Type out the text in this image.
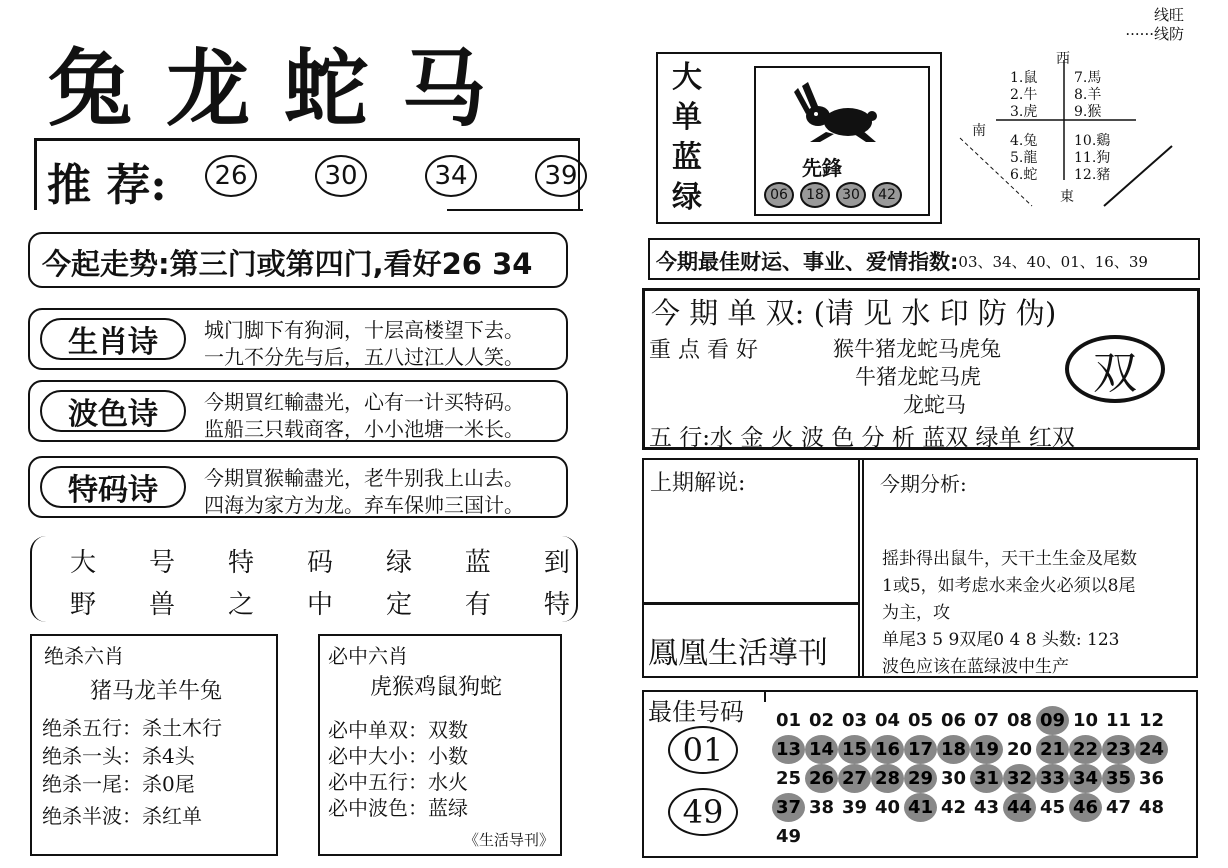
兔龙蛇马
推 荐:	26	30	34	39
今起走势:第三门或第四门,看好26 34
生肖诗	城门脚下有狗洞，十层高楼望下去。
一九不分先与后，五八过江人人笑。
波色诗	今期買红輸盡光，心有一计买特码。
监船三只载商客，小小池塘一米长。
特码诗	今期買猴輸盡光，老牛别我上山去。
四海为家方为龙。弃车保帅三国计。
大 号 特 码 绿 蓝 到
野 兽 之 中 定 有 特
绝杀六肖
猪马龙羊牛兔
绝杀五行：杀土木行
绝杀一头：杀4头
绝杀一尾：杀0尾
绝杀半波：杀红单
必中六肖
虎猴鸡鼠狗蛇
必中单双：双数
必中大小：小数
必中五行：水火
必中波色：蓝绿
《生活导刊》
线旺
······线防
大
单
蓝
绿
先鋒
06	18	30	42
西
南
東
1.鼠
2.牛
3.虎
4.兔
5.龍
6.蛇
7.馬
8.羊
9.猴
10.鷄
11.狗
12.豬
今期最佳财运、事业、爱情指数: 03、34、40、01、16、39
今 期 单 双: (请 见 水 印 防 伪)
重 点 看 好	猴牛猪龙蛇马虎兔
牛猪龙蛇马虎
龙蛇马
双
五 行:水 金 火 波 色 分 析 蓝双 绿单 红双
上期解说:
鳳凰生活導刊
今期分析:
摇卦得出鼠牛，天干土生金及尾数
1或5，如考虑水来金火必须以8尾
为主，攻
单尾3 5 9双尾0 4 8 头数: 123
波色应该在蓝绿波中生产
最佳号码
01
49
01 02 03 04 05 06 07 08 09 10 11 12
13 14 15 16 17 18 19 20 21 22 23 24
25 26 27 28 29 30 31 32 33 34 35 36
37 38 39 40 41 42 43 44 45 46 47 48
49
